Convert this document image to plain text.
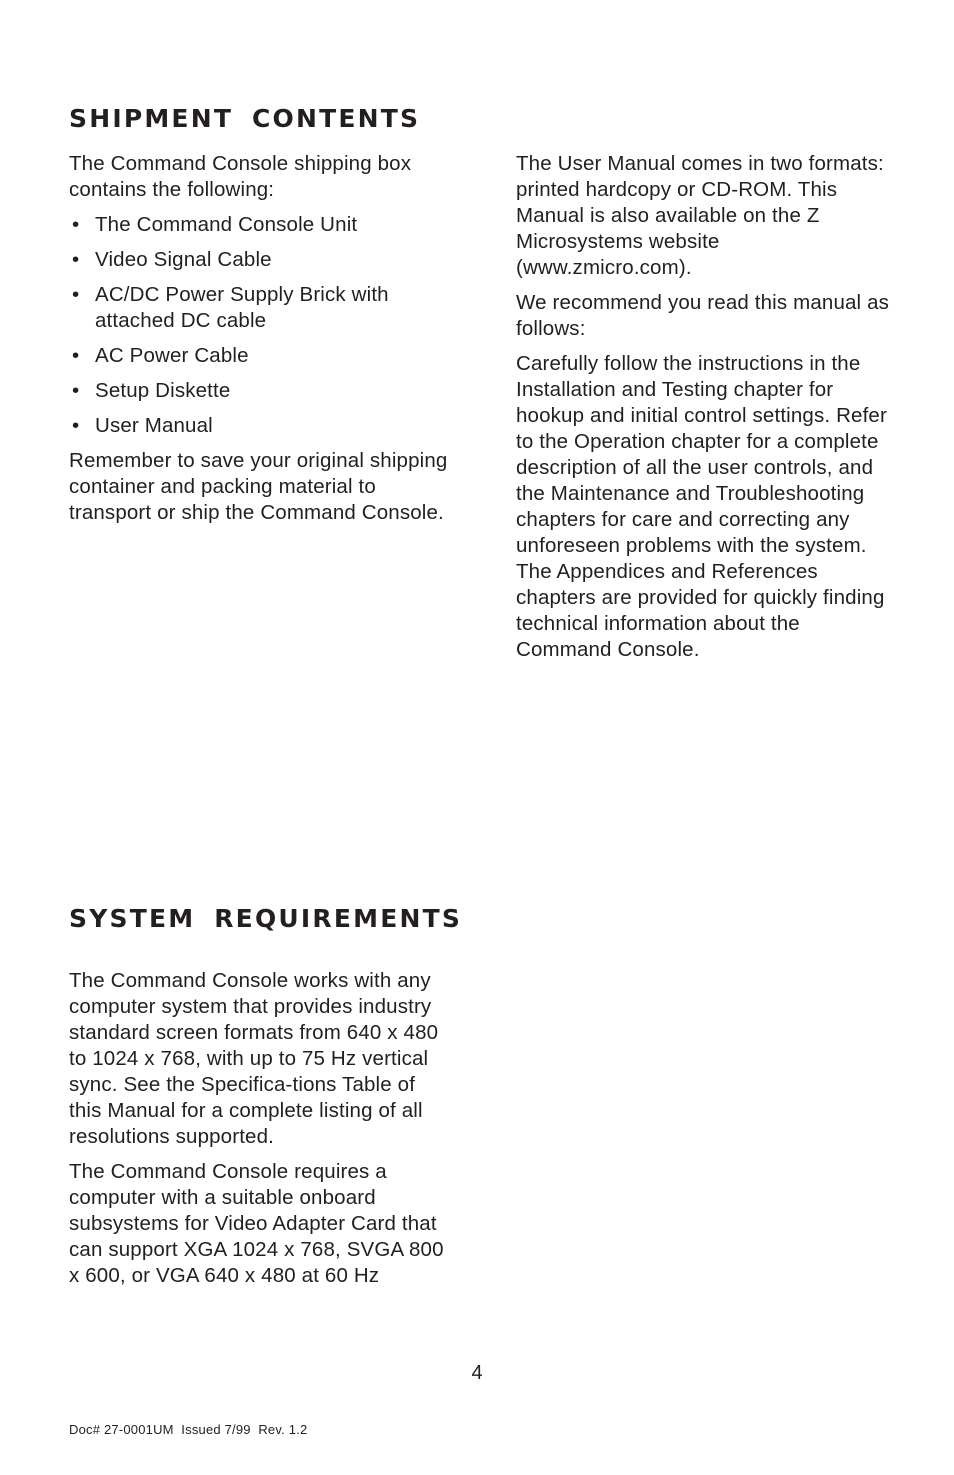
SHIPMENT CONTENTS

The Command Console shipping box contains the following:

• The Command Console Unit
• Video Signal Cable
• AC/DC Power Supply Brick with attached DC cable
• AC Power Cable
• Setup Diskette
• User Manual

Remember to save your original shipping container and packing material to transport or ship the Command Console.

The User Manual comes in two formats: printed hardcopy or CD-ROM. This Manual is also available on the Z Microsystems website (www.zmicro.com).

We recommend you read this manual as follows:

Carefully follow the instructions in the Installation and Testing chapter for hookup and initial control settings. Refer to the Operation chapter for a complete description of all the user controls, and the Maintenance and Troubleshooting chapters for care and correcting any unforeseen problems with the system. The Appendices and References chapters are provided for quickly finding technical information about the Command Console.

SYSTEM REQUIREMENTS

The Command Console works with any computer system that provides industry standard screen formats from 640 x 480 to 1024 x 768, with up to 75 Hz vertical sync. See the Specifica-tions Table of this Manual for a complete listing of all resolutions supported.

The Command Console requires a computer with a suitable onboard subsystems for Video Adapter Card that can support XGA 1024 x 768, SVGA 800 x 600, or VGA 640 x 480 at 60 Hz

4
Doc# 27-0001UM  Issued 7/99  Rev. 1.2
